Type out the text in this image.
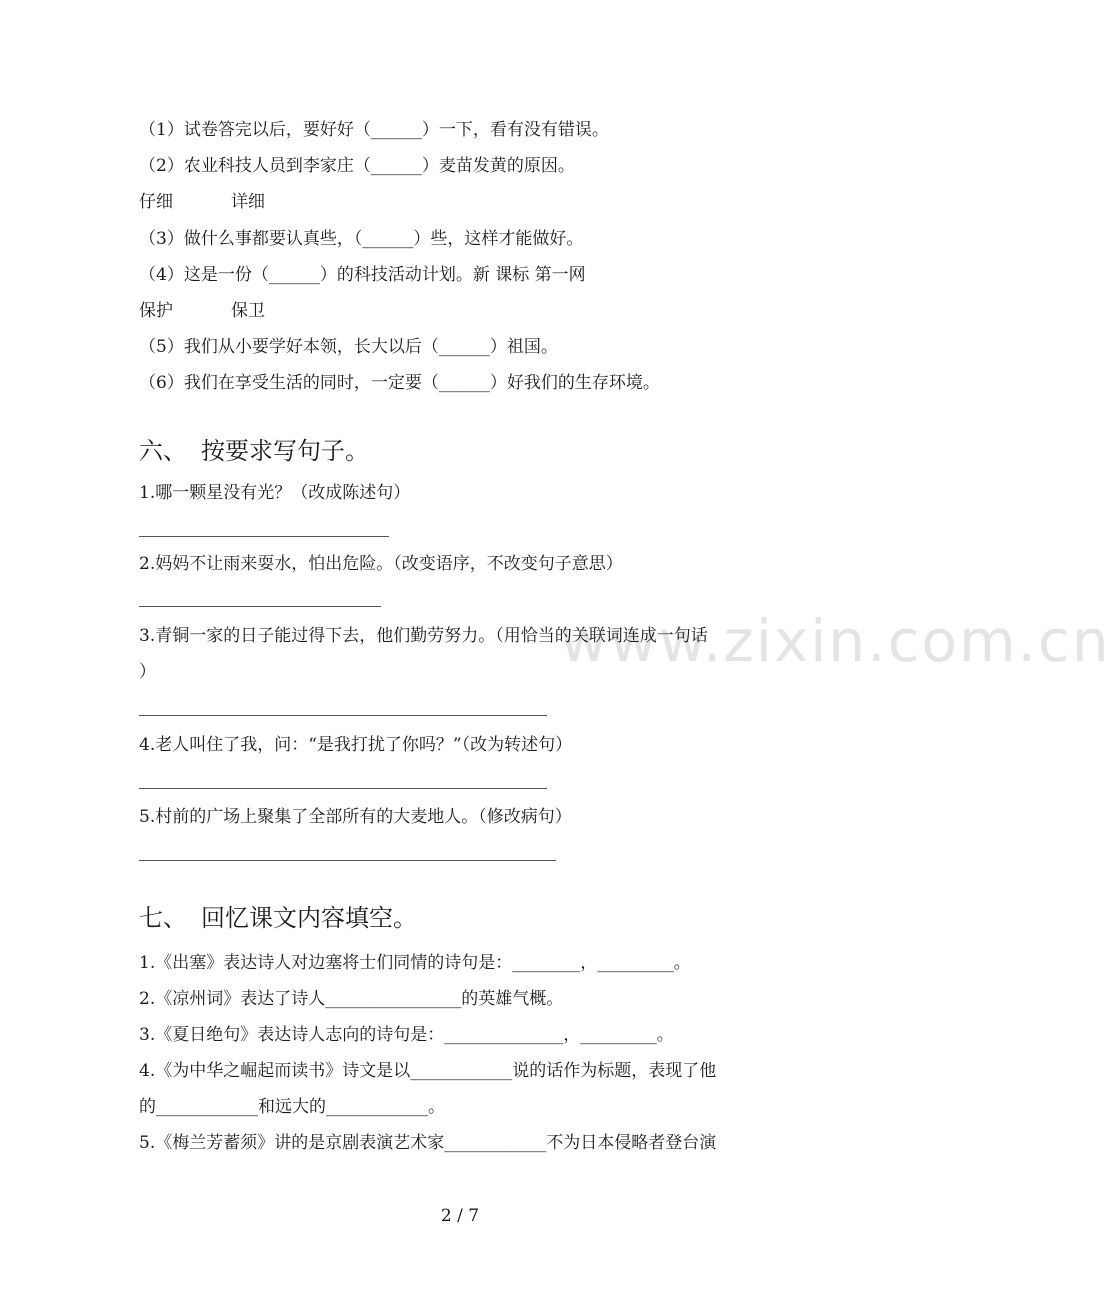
www.zixin.com.cn
（1）试卷答完以后，要好好（______）一下，看有没有错误。
（2）农业科技人员到李家庄（______）麦苗发黄的原因。
仔细	详细
（3）做什么事都要认真些，（______）些，这样才能做好。
（4）这是一份（______）的科技活动计划。新 课标 第一网
保护	保卫
（5）我们从小要学好本领，长大以后（______）祖国。
（6）我们在享受生活的同时，一定要（______）好我们的生存环境。
六、 按要求写句子。
1.哪一颗星没有光？（改成陈述句）
2.妈妈不让雨来耍水，怕出危险。（改变语序，不改变句子意思）
3.青铜一家的日子能过得下去，他们勤劳努力。（用恰当的关联词连成一句话
）
4.老人叫住了我，问：“是我打扰了你吗？”（改为转述句）
5.村前的广场上聚集了全部所有的大麦地人。（修改病句）
七、 回忆课文内容填空。
1.《出塞》表达诗人对边塞将士们同情的诗句是：________，_________。
2.《凉州词》表达了诗人________________的英雄气概。
3.《夏日绝句》表达诗人志向的诗句是：______________，_________。
4.《为中华之崛起而读书》诗文是以____________说的话作为标题，表现了他
的____________和远大的____________。
5.《梅兰芳蓄须》讲的是京剧表演艺术家____________不为日本侵略者登台演
2 / 7
